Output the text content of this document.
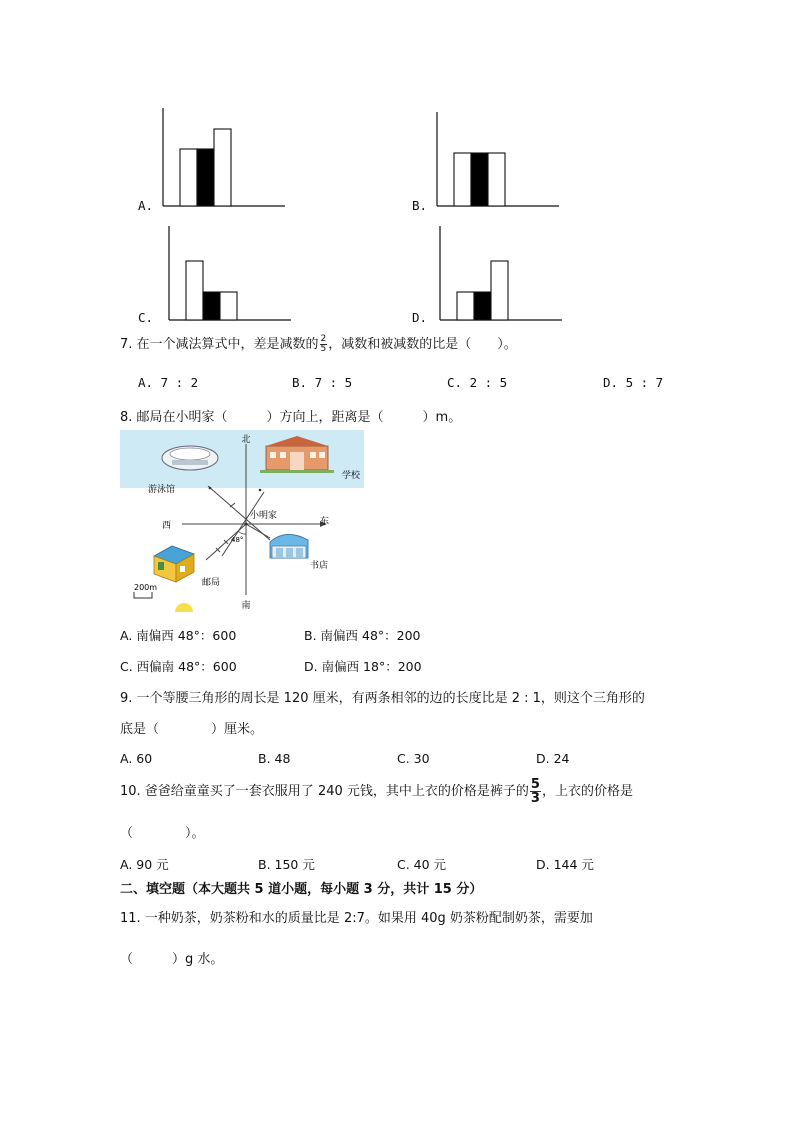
A.	B.
C.	D.
7. 在一个减法算式中，差是减数的 $\frac{2}{5}$ ，减数和被减数的比是（　　）。
A. 7 : 2	B. 7 : 5	C. 2 : 5	D. 5 : 7
8. 邮局在小明家（　　　）方向上，距离是（　　　）m。
北
南
东
西
小明家
48°
学校
游泳馆
书店
邮局
200m
A. 南偏西 48°：600	B. 南偏西 48°：200
C. 西偏南 48°：600	D. 南偏西 18°：200
9. 一个等腰三角形的周长是 120 厘米，有两条相邻的边的长度比是 2 : 1，则这个三角形的
底是（　　　　）厘米。
A. 60	B. 48	C. 30	D. 24
10. 爸爸给童童买了一套衣服用了 240 元钱，其中上衣的价格是裤子的 $\frac{5}{3}$ ，上衣的价格是
（　　　　）。
A. 90 元	B. 150 元	C. 40 元	D. 144 元
二、填空题（本大题共 5 道小题，每小题 3 分，共计 15 分）
11. 一种奶茶，奶茶粉和水的质量比是 2:7。如果用 40g 奶茶粉配制奶茶，需要加
（　　　）g 水。
